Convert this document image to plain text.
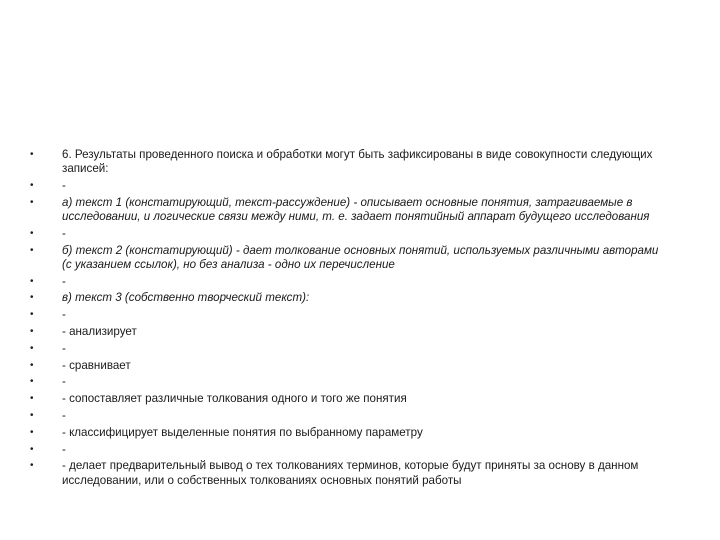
•	6. Результаты проведенного поиска и обработки могут быть зафиксированы в виде совокупности следующих записей:
•	-
•	а) текст 1 (констатирующий, текст-рассуждение) - описывает основные понятия, затрагиваемые в исследовании, и логические связи между ними, т. е. задает понятийный аппарат будущего исследования
•	-
•	б) текст 2 (констатирующий) - дает толкование основных понятий, используемых различными авторами (с указанием ссылок), но без анализа - одно их перечисление
•	-
•	в) текст 3 (собственно творческий текст):
•	-
•	- анализирует
•	-
•	- сравнивает
•	-
•	- сопоставляет различные толкования одного и того же понятия
•	-
•	- классифицирует выделенные понятия по выбранному параметру
•	-
•	- делает предварительный вывод о тех толкованиях терминов, которые будут приняты за основу в данном исследовании, или о собственных толкованиях основных понятий работы
